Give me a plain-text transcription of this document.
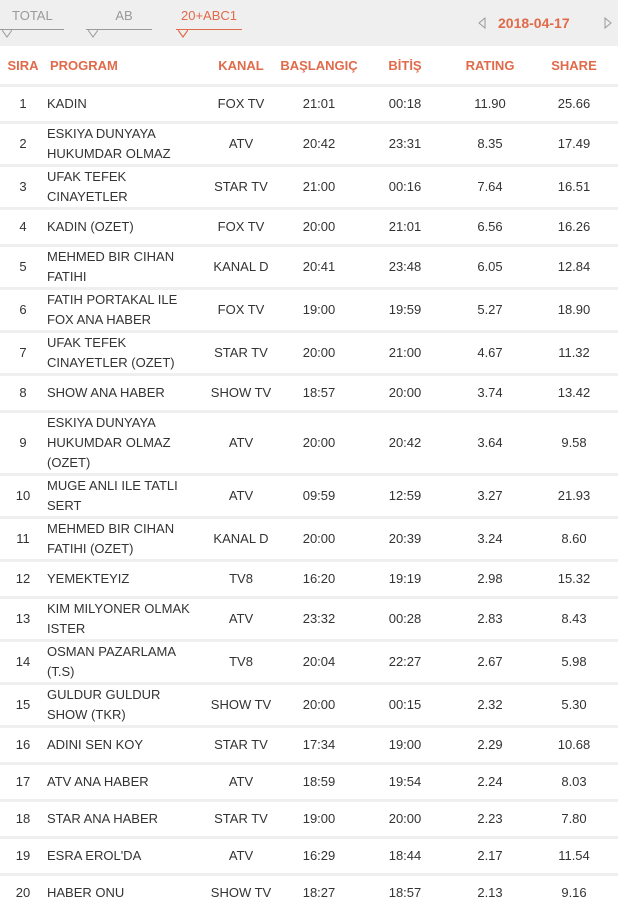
TOTAL	AB	20+ABC1	2018-04-17
SIRA	PROGRAM	KANAL	BAŞLANGIÇ	BİTİŞ	RATING	SHARE
1	KADIN	FOX TV	21:01	00:18	11.90	25.66
2	ESKIYA DUNYAYA HUKUMDAR OLMAZ	ATV	20:42	23:31	8.35	17.49
3	UFAK TEFEK CINAYETLER	STAR TV	21:00	00:16	7.64	16.51
4	KADIN (OZET)	FOX TV	20:00	21:01	6.56	16.26
5	MEHMED BIR CIHAN FATIHI	KANAL D	20:41	23:48	6.05	12.84
6	FATIH PORTAKAL ILE FOX ANA HABER	FOX TV	19:00	19:59	5.27	18.90
7	UFAK TEFEK CINAYETLER (OZET)	STAR TV	20:00	21:00	4.67	11.32
8	SHOW ANA HABER	SHOW TV	18:57	20:00	3.74	13.42
9	ESKIYA DUNYAYA HUKUMDAR OLMAZ (OZET)	ATV	20:00	20:42	3.64	9.58
10	MUGE ANLI ILE TATLI SERT	ATV	09:59	12:59	3.27	21.93
11	MEHMED BIR CIHAN FATIHI (OZET)	KANAL D	20:00	20:39	3.24	8.60
12	YEMEKTEYIZ	TV8	16:20	19:19	2.98	15.32
13	KIM MILYONER OLMAK ISTER	ATV	23:32	00:28	2.83	8.43
14	OSMAN PAZARLAMA (T.S)	TV8	20:04	22:27	2.67	5.98
15	GULDUR GULDUR SHOW (TKR)	SHOW TV	20:00	00:15	2.32	5.30
16	ADINI SEN KOY	STAR TV	17:34	19:00	2.29	10.68
17	ATV ANA HABER	ATV	18:59	19:54	2.24	8.03
18	STAR ANA HABER	STAR TV	19:00	20:00	2.23	7.80
19	ESRA EROL'DA	ATV	16:29	18:44	2.17	11.54
20	HABER ONU	SHOW TV	18:27	18:57	2.13	9.16
